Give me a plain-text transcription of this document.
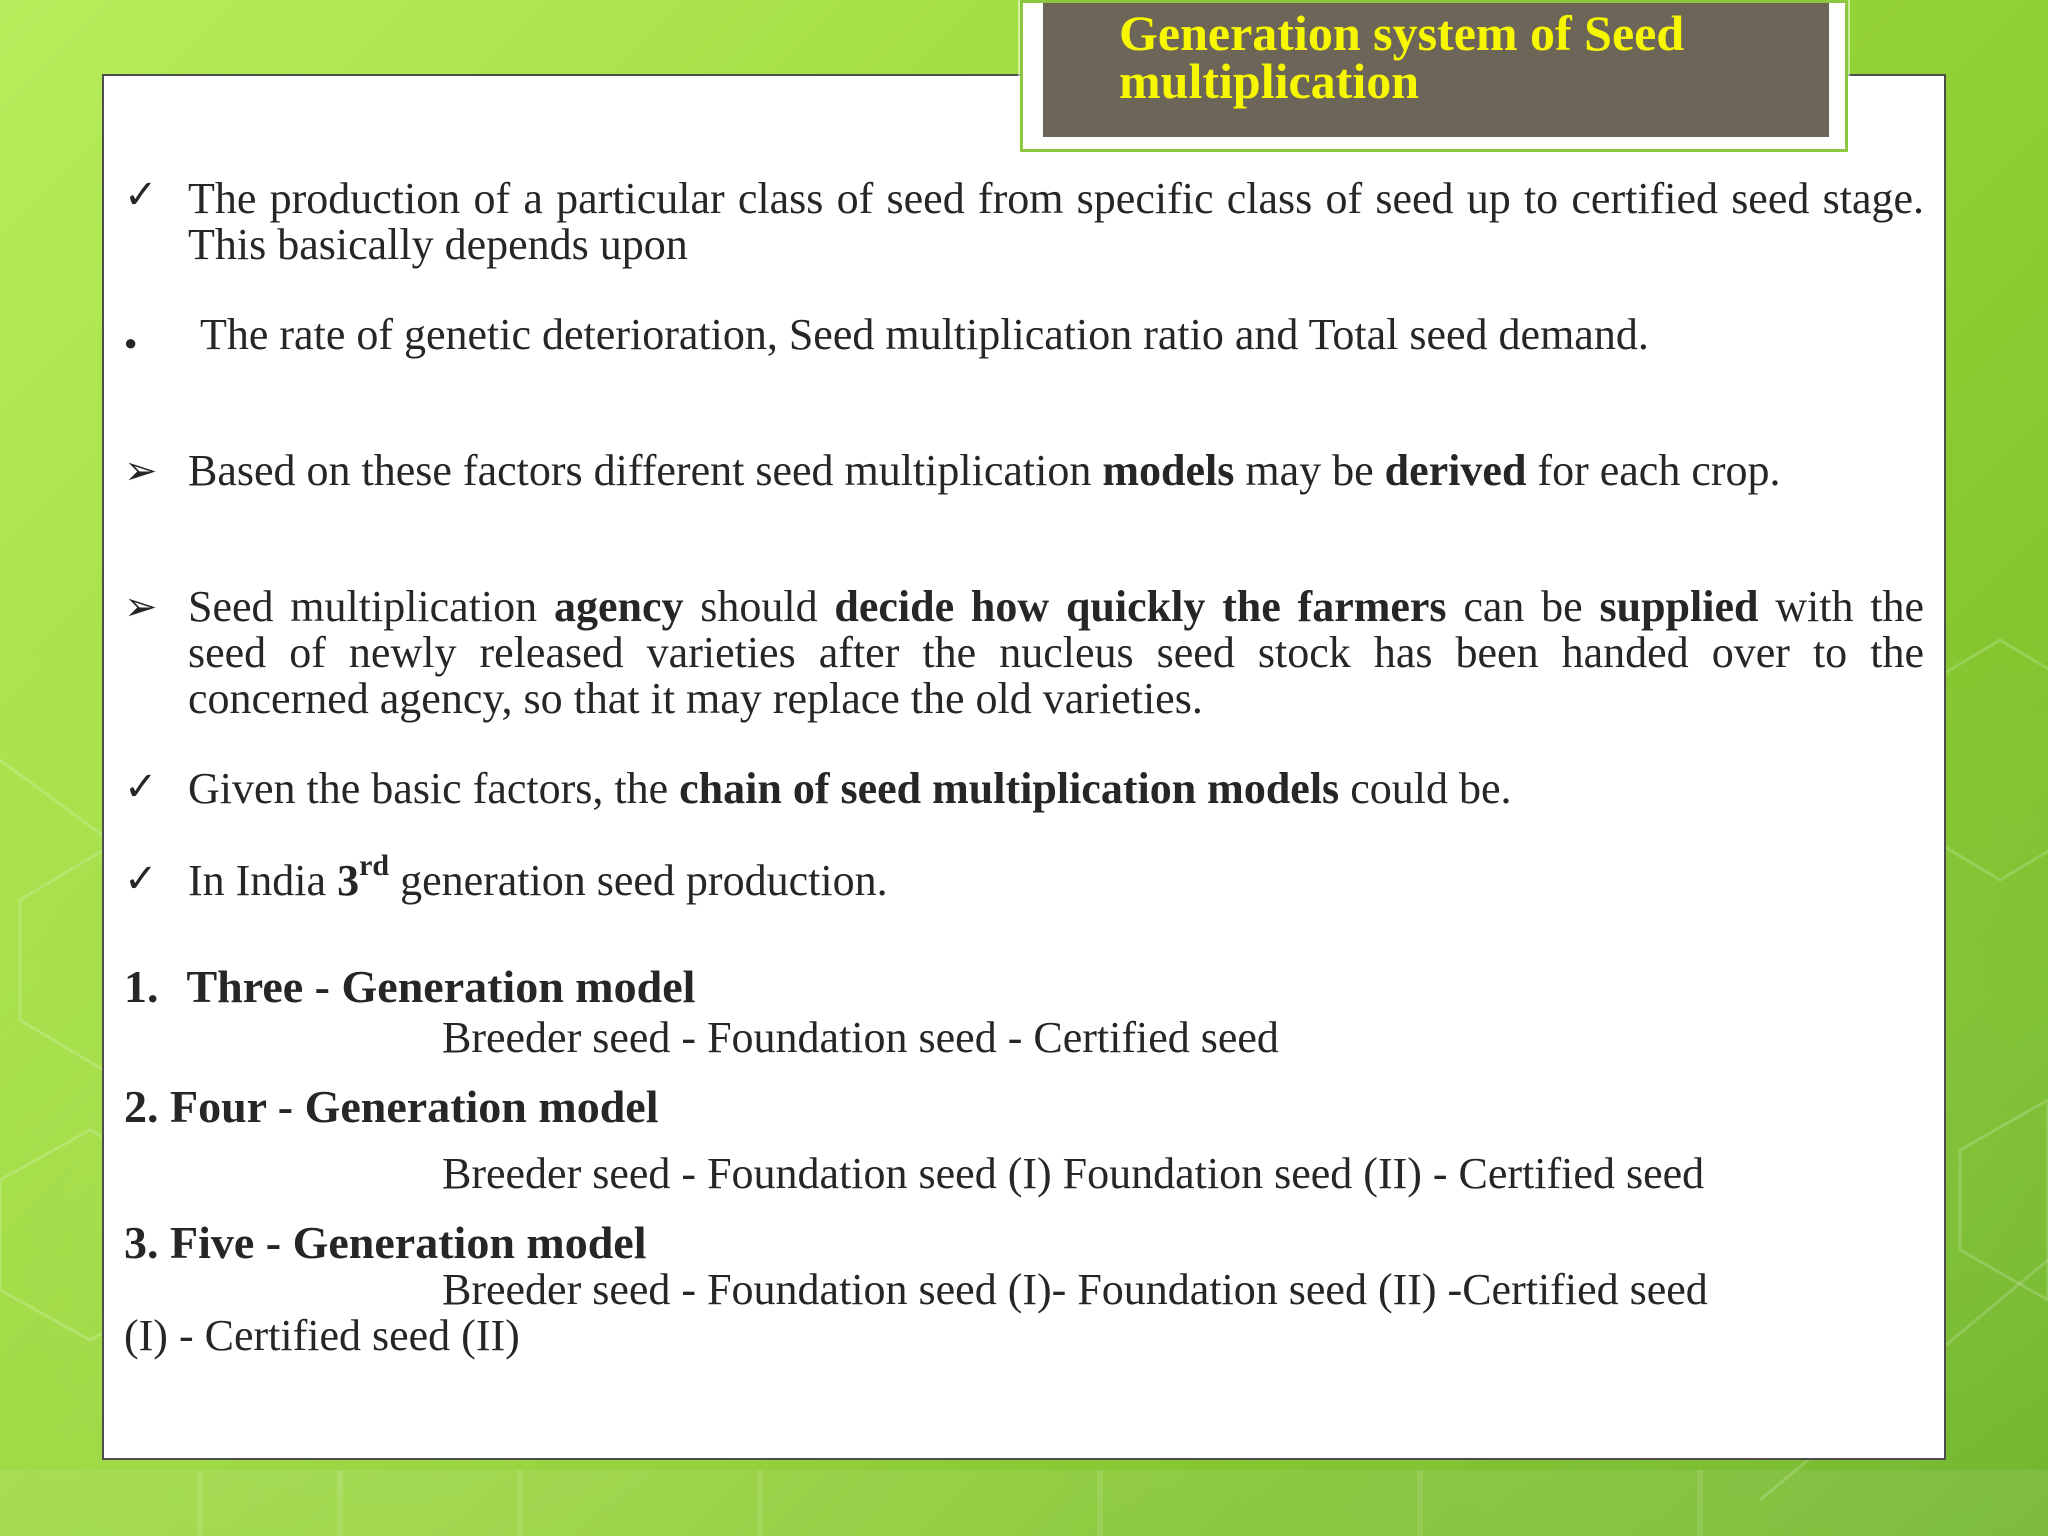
Generation system of Seed multiplication
✓ The production of a particular class of seed from specific class of seed up to certified seed stage. This basically depends upon
● The rate of genetic deterioration, Seed multiplication ratio and Total seed demand.
➢ Based on these factors different seed multiplication models may be derived for each crop.
➢ Seed multiplication agency should decide how quickly the farmers can be supplied with the seed of newly released varieties after the nucleus seed stock has been handed over to the concerned agency, so that it may replace the old varieties.
✓ Given the basic factors, the chain of seed multiplication models could be.
✓ In India 3rd generation seed production.
1. Three - Generation model
Breeder seed - Foundation seed - Certified seed
2. Four - Generation model
Breeder seed - Foundation seed (I) Foundation seed (II) - Certified seed
3. Five - Generation model
Breeder seed - Foundation seed (I)- Foundation seed (II) -Certified seed
(I) - Certified seed (II)
